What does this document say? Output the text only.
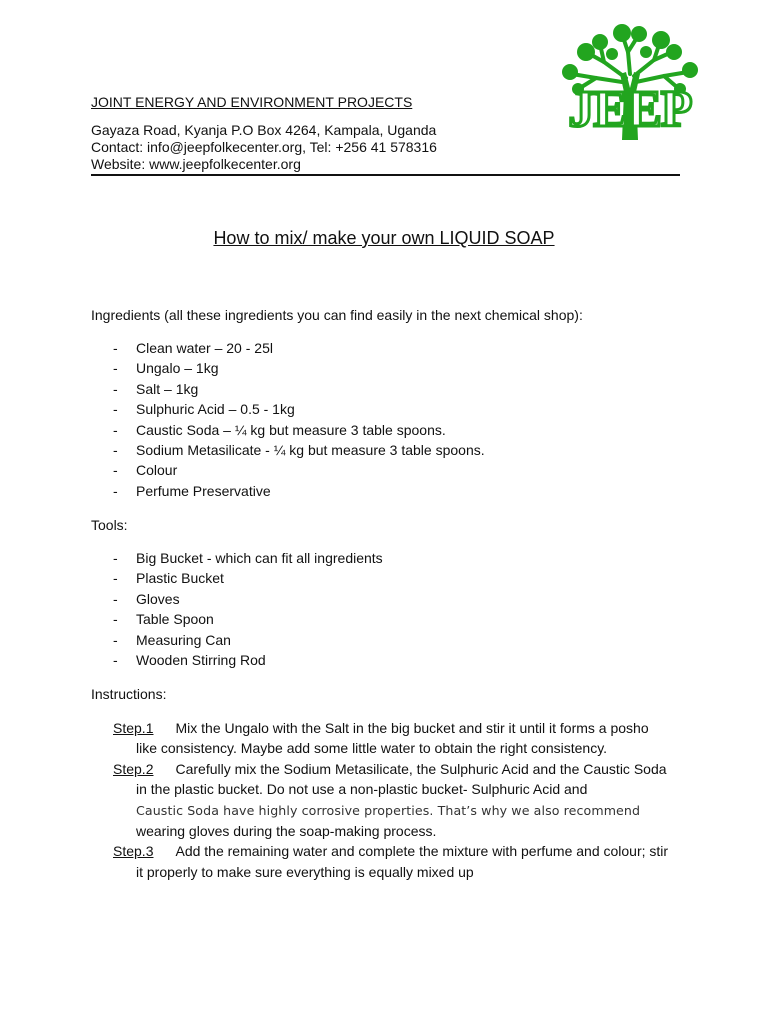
JOINT ENERGY AND ENVIRONMENT PROJECTS
Gayaza Road, Kyanja P.O Box 4264, Kampala, Uganda
Contact: info@jeepfolkecenter.org, Tel: +256 41 578316
Website: www.jeepfolkecenter.org
JEEP
How to mix/ make your own LIQUID SOAP
Ingredients (all these ingredients you can find easily in the next chemical shop):
- Clean water – 20 - 25l
- Ungalo – 1kg
- Salt – 1kg
- Sulphuric Acid – 0.5 - 1kg
- Caustic Soda – ¼ kg but measure 3 table spoons.
- Sodium Metasilicate - ¼ kg but measure 3 table spoons.
- Colour
- Perfume Preservative
Tools:
- Big Bucket - which can fit all ingredients
- Plastic Bucket
- Gloves
- Table Spoon
- Measuring Can
- Wooden Stirring Rod
Instructions:
Step.1 Mix the Ungalo with the Salt in the big bucket and stir it until it forms a posho like consistency. Maybe add some little water to obtain the right consistency.
Step.2 Carefully mix the Sodium Metasilicate, the Sulphuric Acid and the Caustic Soda in the plastic bucket. Do not use a non-plastic bucket- Sulphuric Acid and
Caustic Soda have highly corrosive properties. That’s why we also recommend
wearing gloves during the soap-making process.
Step.3 Add the remaining water and complete the mixture with perfume and colour; stir it properly to make sure everything is equally mixed up
